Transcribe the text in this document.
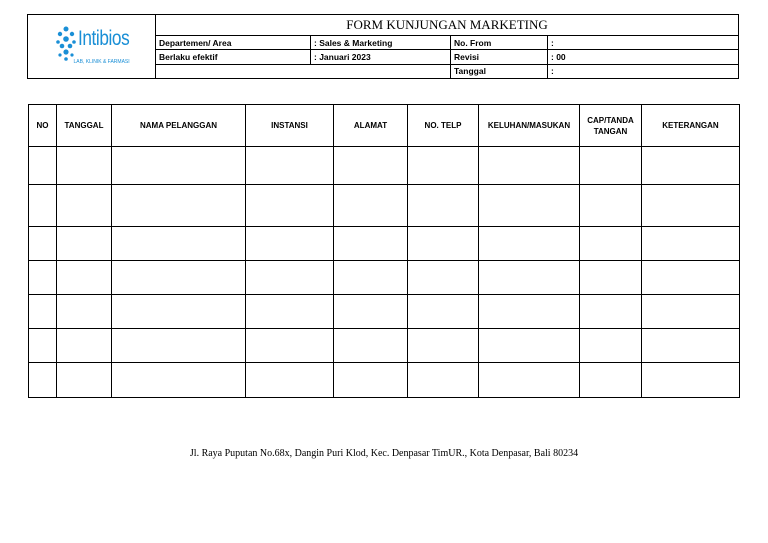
Intibios
LAB, KLINIK & FARMASI	FORM KUNJUNGAN MARKETING			
	Departemen/ Area	: Sales & Marketing	No. From	:
	Berlaku efektif	: Januari 2023	Revisi	: 00
			Tanggal	:
NO	TANGGAL	NAMA PELANGGAN	INSTANSI	ALAMAT	NO. TELP	KELUHAN/MASUKAN	CAP/TANDA TANGAN	KETERANGAN

Jl. Raya Puputan No.68x, Dangin Puri Klod, Kec. Denpasar TimUR., Kota Denpasar, Bali 80234
